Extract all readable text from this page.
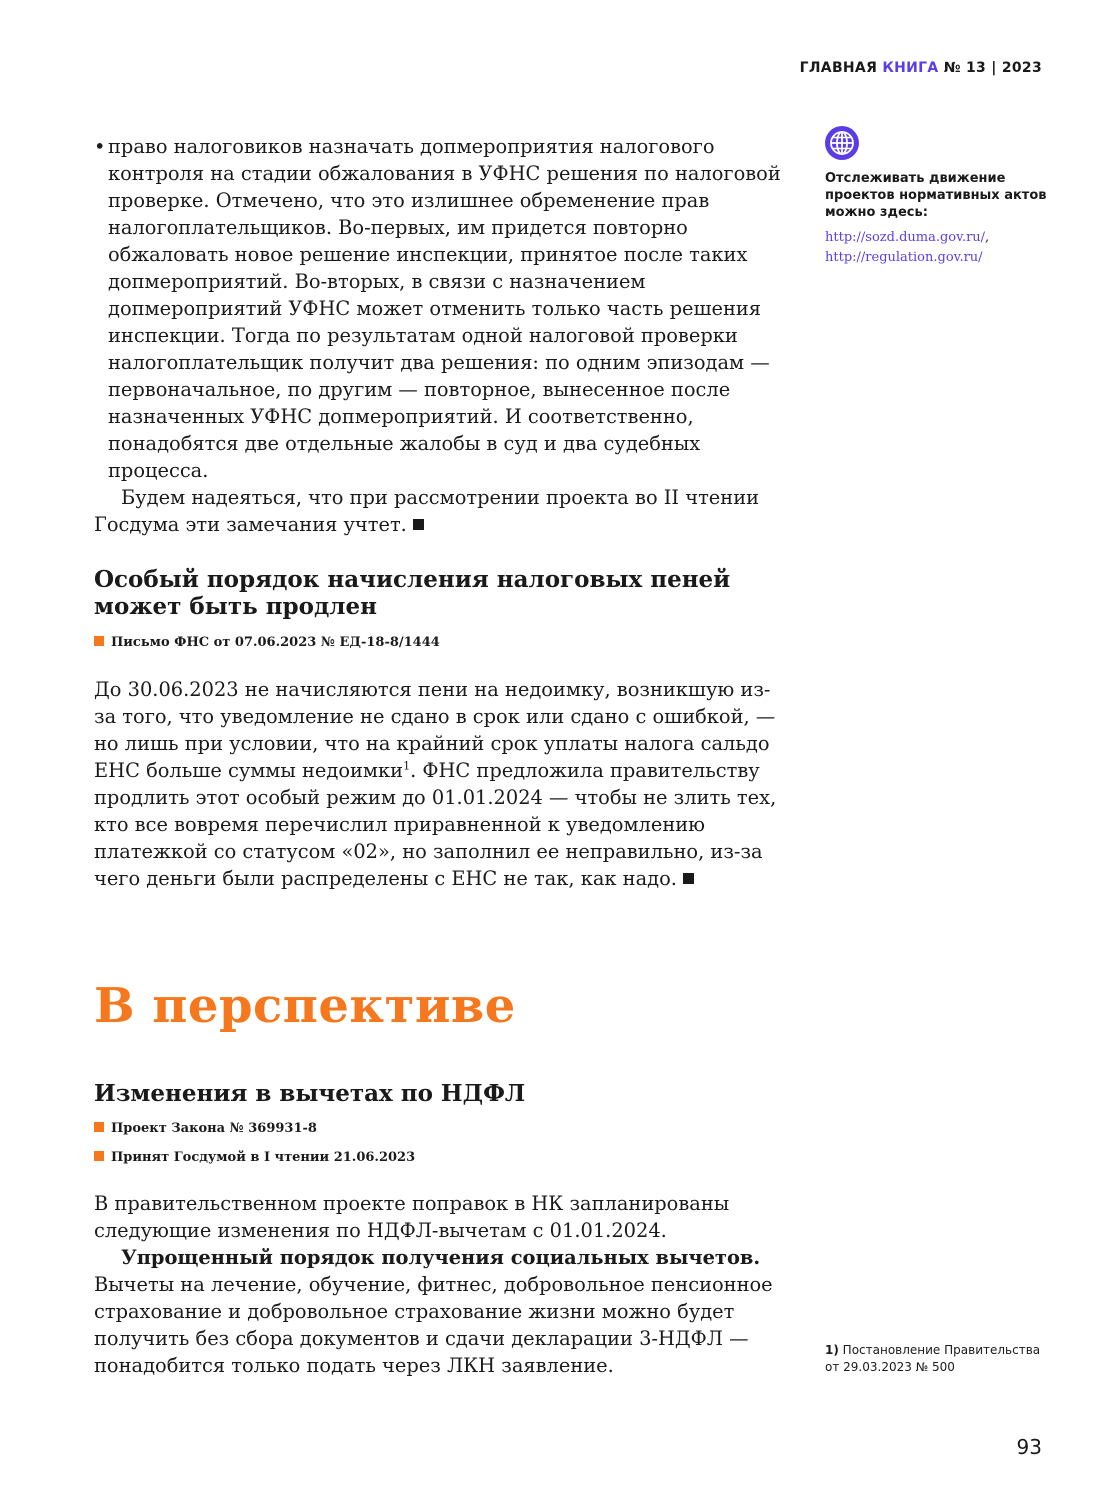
ГЛАВНАЯ КНИГА № 13 | 2023
• право налоговиков назначать допмероприятия налогового контроля на стадии обжалования в УФНС решения по налоговой проверке. Отмечено, что это излишнее обременение прав налогоплательщиков. Во-первых, им придется повторно обжаловать новое решение инспекции, принятое после таких допмероприятий. Во-вторых, в связи с назначением допмероприятий УФНС может отменить только часть решения инспекции. Тогда по результатам одной налоговой проверки налогоплательщик получит два решения: по одним эпизодам — первоначальное, по другим — повторное, вынесенное после назначенных УФНС допмероприятий. И соответственно, понадобятся две отдельные жалобы в суд и два судебных процесса.
Будем надеяться, что при рассмотрении проекта во II чтении Госдума эти замечания учтет.
Особый порядок начисления налоговых пеней может быть продлен
Письмо ФНС от 07.06.2023 № ЕД-18-8/1444
До 30.06.2023 не начисляются пени на недоимку, возникшую из-за того, что уведомление не сдано в срок или сдано с ошибкой, — но лишь при условии, что на крайний срок уплаты налога сальдо ЕНС больше суммы недоимки$^1$. ФНС предложила правительству продлить этот особый режим до 01.01.2024 — чтобы не злить тех, кто все вовремя перечислил приравненной к уведомлению платежкой со статусом «02», но заполнил ее неправильно, из-за чего деньги были распределены с ЕНС не так, как надо.
В перспективе
Изменения в вычетах по НДФЛ
Проект Закона № 369931-8
Принят Госдумой в I чтении 21.06.2023
В правительственном проекте поправок в НК запланированы следующие изменения по НДФЛ-вычетам с 01.01.2024.
Упрощенный порядок получения социальных вычетов. Вычеты на лечение, обучение, фитнес, добровольное пенсионное страхование и добровольное страхование жизни можно будет получить без сбора документов и сдачи декларации 3-НДФЛ — понадобится только подать через ЛКН заявление.
Отслеживать движение проектов нормативных актов можно здесь:
http://sozd.duma.gov.ru/,
http://regulation.gov.ru/
1) Постановление Правительства от 29.03.2023 № 500
93
